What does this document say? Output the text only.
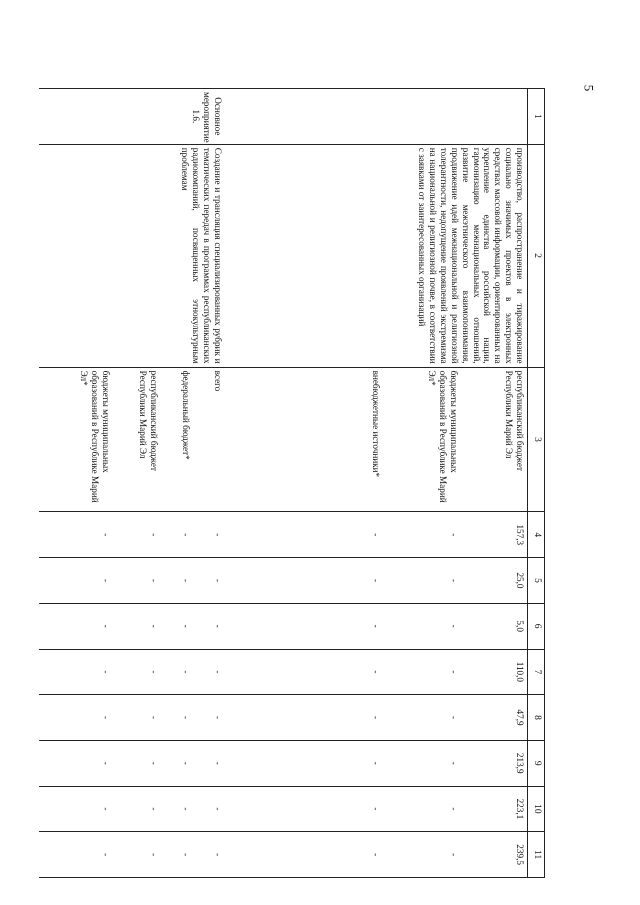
5
1	2	3	4	5	6	7	8	9	10	11
	производство, распространение и тиражирование социально значимых проектов в электронных средствах массовой информации, ориентированных на укрепление единства российской нации, гармонизацию межнациональных отношений, развитие межэтнического взаимопонимания, продвижение идей межнациональной и религиозной толерантности, недопущение проявлений экстремизма на национальной и религиозной почве, в соответствии с заявками от заинтересованных организаций	республиканский бюджет Республики Марий Эл	157,3	25,0	5,0	110,0	47,9	213,9	223,1	239,5
		бюджеты муниципальных образований в Республике Марий Эл*	-	-	-	-	-	-	-	-
		внебюджетные источники*	-	-	-	-	-	-	-	-

Основное мероприятие 1.6.	Создание и трансляция специализированных рубрик и тематических передач в программах республиканских радиокомпаний, посвященных этнокультурным проблемам	всего	-	-	-	-	-	-	-	-
		федеральный бюджет*	-	-	-	-	-	-	-	-
		республиканский бюджет Республики Марий Эл	-	-	-	-	-	-	-	-
		бюджеты муниципальных образований в Республике Марий Эл*	-	-	-	-	-	-	-	-
